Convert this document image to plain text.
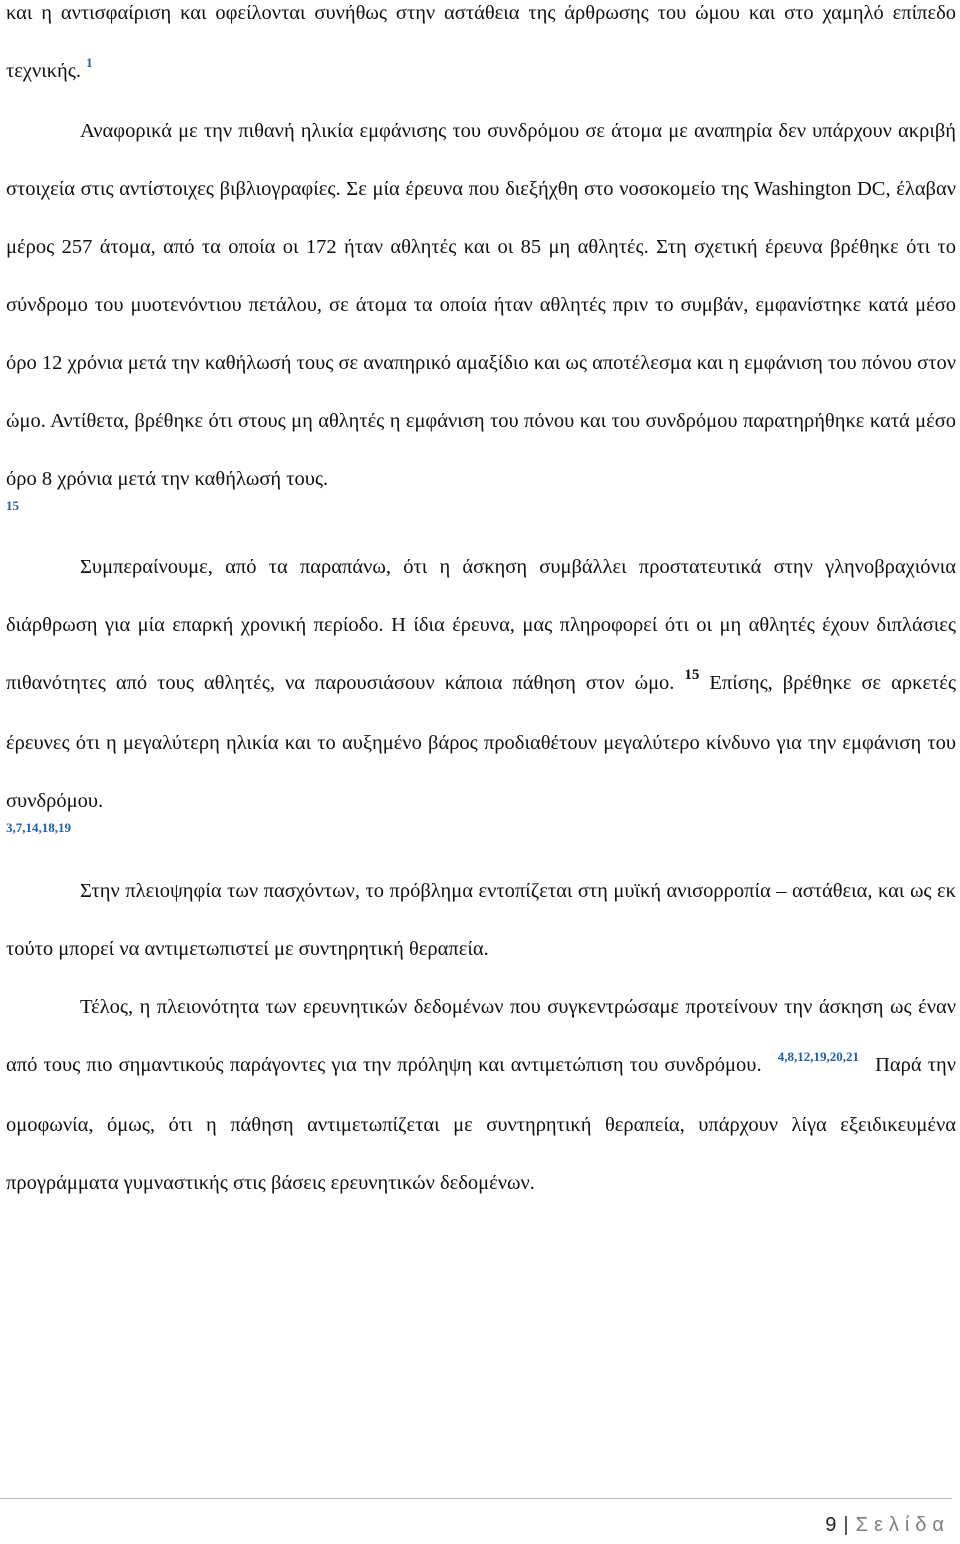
και η αντισφαίριση και οφείλονται συνήθως στην αστάθεια της άρθρωσης του ώμου και στο χαμηλό επίπεδο τεχνικής. $^1$

Αναφορικά με την πιθανή ηλικία εμφάνισης του συνδρόμου σε άτομα με αναπηρία δεν υπάρχουν ακριβή στοιχεία στις αντίστοιχες βιβλιογραφίες. Σε μία έρευνα που διεξήχθη στο νοσοκομείο της Washington DC, έλαβαν μέρος 257 άτομα, από τα οποία οι 172 ήταν αθλητές και οι 85 μη αθλητές. Στη σχετική έρευνα βρέθηκε ότι το σύνδρομο του μυοτενόντιου πετάλου, σε άτομα τα οποία ήταν αθλητές πριν το συμβάν, εμφανίστηκε κατά μέσο όρο 12 χρόνια μετά την καθήλωσή τους σε αναπηρικό αμαξίδιο και ως αποτέλεσμα και η εμφάνιση του πόνου στον ώμο. Αντίθετα, βρέθηκε ότι στους μη αθλητές η εμφάνιση του πόνου και του συνδρόμου παρατηρήθηκε κατά μέσο όρο 8 χρόνια μετά την καθήλωσή τους.

15

Συμπεραίνουμε, από τα παραπάνω, ότι η άσκηση συμβάλλει προστατευτικά στην γληνοβραχιόνια διάρθρωση για μία επαρκή χρονική περίοδο. Η ίδια έρευνα, μας πληροφορεί ότι οι μη αθλητές έχουν διπλάσιες πιθανότητες από τους αθλητές, να παρουσιάσουν κάποια πάθηση στον ώμο. $^{15}$ Επίσης, βρέθηκε σε αρκετές έρευνες ότι η μεγαλύτερη ηλικία και το αυξημένο βάρος προδιαθέτουν μεγαλύτερο κίνδυνο για την εμφάνιση του συνδρόμου.

3,7,14,18,19

Στην πλειοψηφία των πασχόντων, το πρόβλημα εντοπίζεται στη μυϊκή ανισορροπία – αστάθεια, και ως εκ τούτο μπορεί να αντιμετωπιστεί με συντηρητική θεραπεία.

Τέλος, η πλειονότητα των ερευνητικών δεδομένων που συγκεντρώσαμε προτείνουν την άσκηση ως έναν από τους πιο σημαντικούς παράγοντες για την πρόληψη και αντιμετώπιση του συνδρόμου. $^{4,8,12,19,20,21}$ Παρά την ομοφωνία, όμως, ότι η πάθηση αντιμετωπίζεται με συντηρητική θεραπεία, υπάρχουν λίγα εξειδικευμένα προγράμματα γυμναστικής στις βάσεις ερευνητικών δεδομένων.

9 | Σελίδα
